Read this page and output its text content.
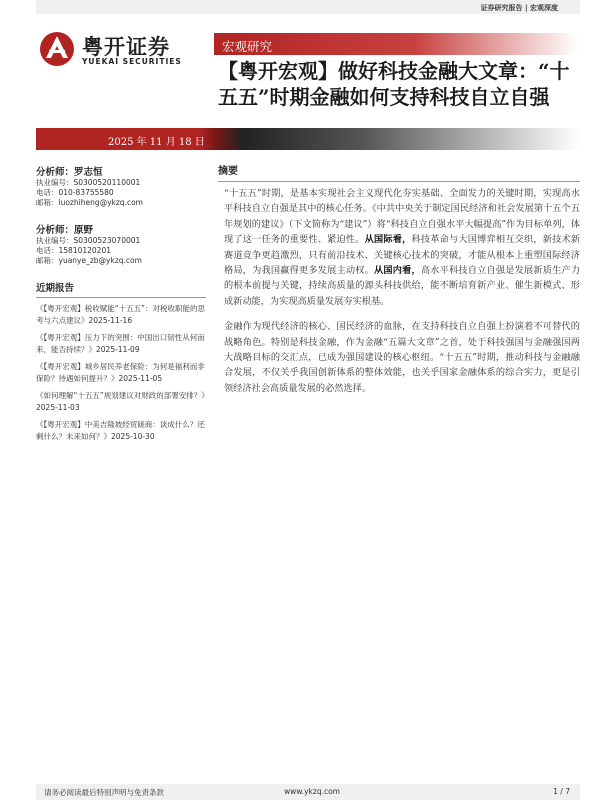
证券研究报告 | 宏观深度
粤开证券
YUEKAI SECURITIES
宏观研究
【粤开宏观】做好科技金融大文章：“十五五”时期金融如何支持科技自立自强
2025 年 11 月 18 日
分析师：罗志恒
执业编号：S0300520110001
电话：010-83755580
邮箱：luozhiheng@ykzq.com
分析师：原野
执业编号：S0300523070001
电话：15810120201
邮箱：yuanye_zb@ykzq.com
近期报告
《【粤开宏观】税收赋能“十五五”：对税收职能的思考与六点建议》2025-11-16
《【粤开宏观】压力下的突围：中国出口韧性从何而来，能否持续？》2025-11-09
《【粤开宏观】城乡居民养老保险：为何是福利而非保险？待遇如何提升？》2025-11-05
《如何理解“十五五”规划建议对财政的部署安排？》2025-11-03
《【粤开宏观】中美吉隆坡经贸磋商：谈成什么？还剩什么？未来如何？》2025-10-30
摘要

“十五五”时期，是基本实现社会主义现代化夯实基础、全面发力的关键时期，实现高水平科技自立自强是其中的核心任务。《中共中央关于制定国民经济和社会发展第十五个五年规划的建议》（下文简称为“建议”）将“科技自立自强水平大幅提高”作为目标单列，体现了这一任务的重要性、紧迫性。从国际看，科技革命与大国博弈相互交织，新技术新赛道竞争更趋激烈，只有前沿技术、关键核心技术的突破，才能从根本上重塑国际经济格局，为我国赢得更多发展主动权。从国内看，高水平科技自立自强是发展新质生产力的根本前提与关键，持续高质量的源头科技供给，能不断培育新产业、催生新模式、形成新动能，为实现高质量发展夯实根基。

金融作为现代经济的核心、国民经济的血脉，在支持科技自立自强上扮演着不可替代的战略角色。特别是科技金融，作为金融“五篇大文章”之首，处于科技强国与金融强国两大战略目标的交汇点，已成为强国建设的核心枢纽。“十五五”时期，推动科技与金融融合发展，不仅关乎我国创新体系的整体效能，也关乎国家金融体系的综合实力，更是引领经济社会高质量发展的必然选择。

请务必阅读最后特别声明与免责条款	www.ykzq.com	1 / 7
